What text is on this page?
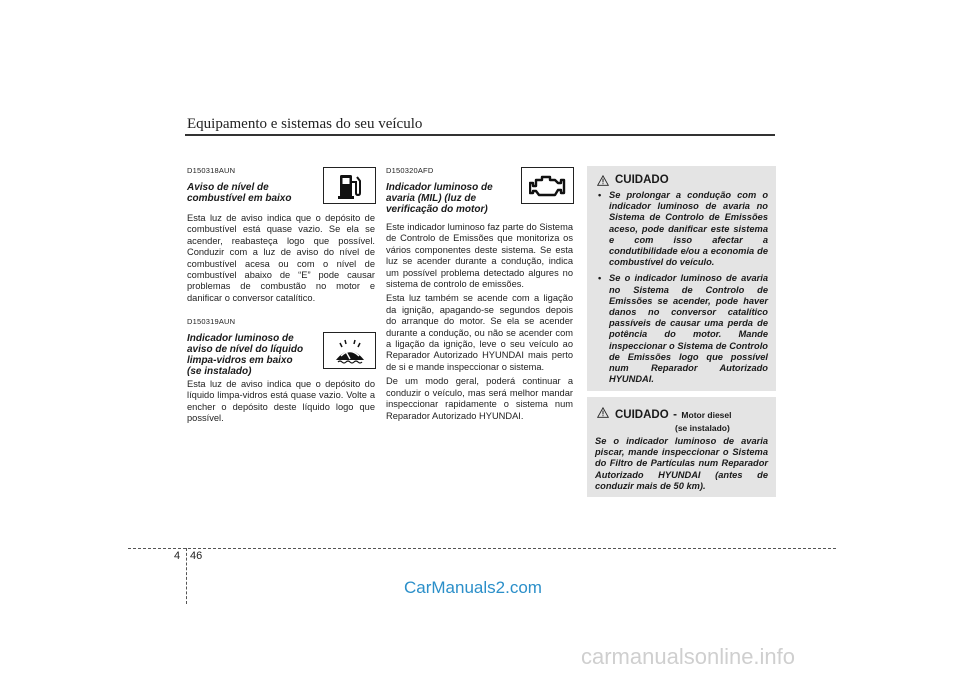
Equipamento e sistemas do seu veículo
D150318AUN
Aviso de nível de combustível em baixo
Esta luz de aviso indica que o depósito de combustível está quase vazio. Se ela se acender, reabasteça logo que possível. Conduzir com a luz de aviso do nível de combustível acesa ou com o nível de combustível abaixo de “E” pode causar problemas de combustão no motor e danificar o conversor catalítico.
D150319AUN
Indicador luminoso de aviso de nível do líquido limpa-vidros em baixo
(se instalado)
Esta luz de aviso indica que o depósito do líquido limpa-vidros está quase vazio. Volte a encher o depósito deste líquido logo que possível.
D150320AFD
Indicador luminoso de avaria (MIL) (luz de verificação do motor)

Este indicador luminoso faz parte do Sistema de Controlo de Emissões que monitoriza os vários componentes deste sistema. Se esta luz se acender durante a condução, indica um possível problema detectado algures no sistema de controlo de emissões.

Esta luz também se acende com a ligação da ignição, apagando-se segundos depois do arranque do motor. Se ela se acender durante a condução, ou não se acender com a ligação da ignição, leve o seu veículo ao Reparador Autorizado HYUNDAI mais perto de si e mande inspeccionar o sistema.

De um modo geral, poderá continuar a conduzir o veículo, mas será melhor mandar inspeccionar rapidamente o sistema num Reparador Autorizado HYUNDAI.

CUIDADO
• Se prolongar a condução com o indicador luminoso de avaria no Sistema de Controlo de Emissões aceso, pode danificar este sistema e com isso afectar a condutibilidade e/ou a economia de combustível do veículo.
• Se o indicador luminoso de avaria no Sistema de Controlo de Emissões se acender, pode haver danos no conversor catalítico passíveis de causar uma perda de potência do motor. Mande inspeccionar o Sistema de Controlo de Emissões logo que possível num Reparador Autorizado HYUNDAI.
CUIDADO - Motor diesel
(se instalado)
Se o indicador luminoso de avaria piscar, mande inspeccionar o Sistema do Filtro de Partículas num Reparador Autorizado HYUNDAI (antes de conduzir mais de 50 km).
4 46
CarManuals2.com
carmanualsonline.info
